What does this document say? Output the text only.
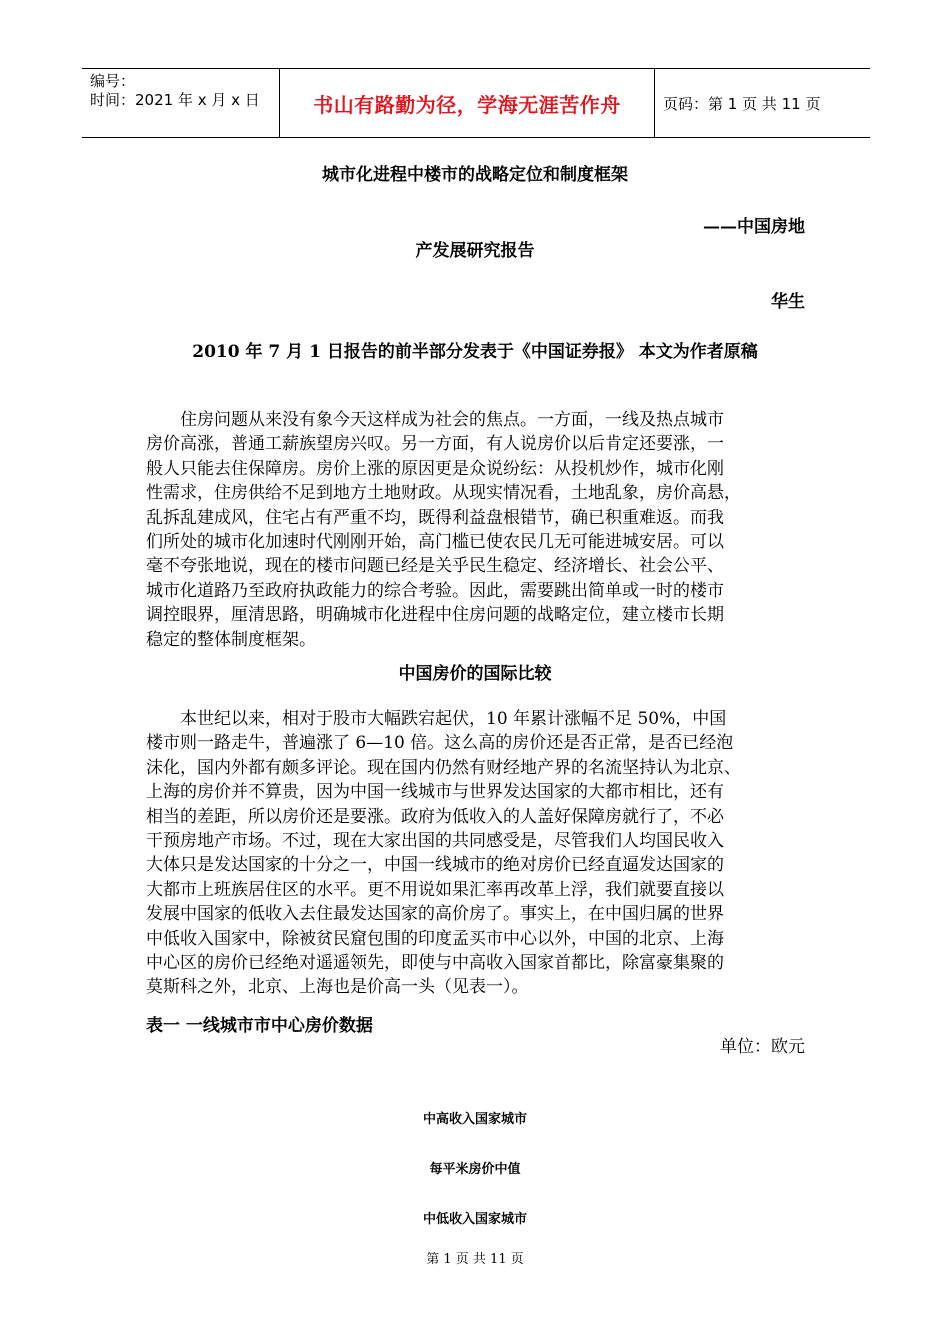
编号：
时间：2021 年 x 月 x 日	书山有路勤为径，学海无涯苦作舟	页码：第 1 页 共 11 页
城市化进程中楼市的战略定位和制度框架
——中国房地
产发展研究报告
华生
2010 年 7 月 1 日报告的前半部分发表于《中国证券报》 本文为作者原稿
　　住房问题从来没有象今天这样成为社会的焦点。一方面，一线及热点城市
房价高涨，普通工薪族望房兴叹。另一方面，有人说房价以后肯定还要涨，一
般人只能去住保障房。房价上涨的原因更是众说纷纭：从投机炒作，城市化刚
性需求，住房供给不足到地方土地财政。从现实情况看，土地乱象，房价高悬，
乱拆乱建成风，住宅占有严重不均，既得利益盘根错节，确已积重难返。而我
们所处的城市化加速时代刚刚开始，高门槛已使农民几无可能进城安居。可以
毫不夸张地说，现在的楼市问题已经是关乎民生稳定、经济增长、社会公平、
城市化道路乃至政府执政能力的综合考验。因此，需要跳出简单或一时的楼市
调控眼界，厘清思路，明确城市化进程中住房问题的战略定位，建立楼市长期
稳定的整体制度框架。
中国房价的国际比较
　　本世纪以来，相对于股市大幅跌宕起伏，10 年累计涨幅不足 50%，中国
楼市则一路走牛，普遍涨了 6—10 倍。这么高的房价还是否正常，是否已经泡
沫化，国内外都有颇多评论。现在国内仍然有财经地产界的名流坚持认为北京、
上海的房价并不算贵，因为中国一线城市与世界发达国家的大都市相比，还有
相当的差距，所以房价还是要涨。政府为低收入的人盖好保障房就行了，不必
干预房地产市场。不过，现在大家出国的共同感受是，尽管我们人均国民收入
大体只是发达国家的十分之一，中国一线城市的绝对房价已经直逼发达国家的
大都市上班族居住区的水平。更不用说如果汇率再改革上浮，我们就要直接以
发展中国家的低收入去住最发达国家的高价房了。事实上，在中国归属的世界
中低收入国家中，除被贫民窟包围的印度孟买市中心以外，中国的北京、上海
中心区的房价已经绝对遥遥领先，即使与中高收入国家首都比，除富豪集聚的
莫斯科之外，北京、上海也是价高一头（见表一）。
表一 一线城市市中心房价数据
单位：欧元
中高收入国家城市
每平米房价中值
中低收入国家城市
第 1 页 共 11 页
